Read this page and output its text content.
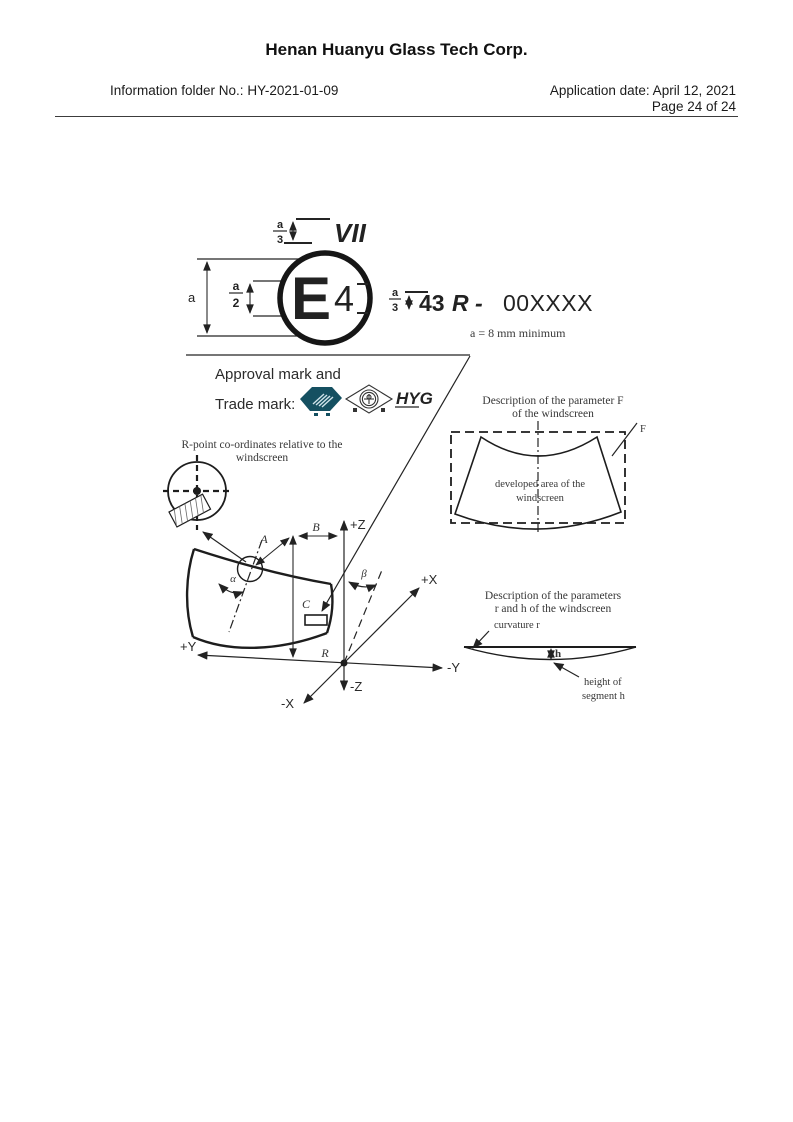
Henan Huanyu Glass Tech Corp.
Information folder No.: HY-2021-01-09	Application date: April 12, 2021
Page 24 of 24
a
3 VII
a
a
2 E 4	a
3 43 R - 00XXXX
a = 8 mm minimum
Approval mark and
Trade mark:	HYG
R-point co-ordinates relative to the
windscreen
α
C
+Z
-Z
+Y
-Y
+X
-X
R
β
B
A
Description of the parameter F
of the windscreen
developed area of the
windscreen
F
Description of the parameters
r and h of the windscreen
curvature r
h
height of
segment h
